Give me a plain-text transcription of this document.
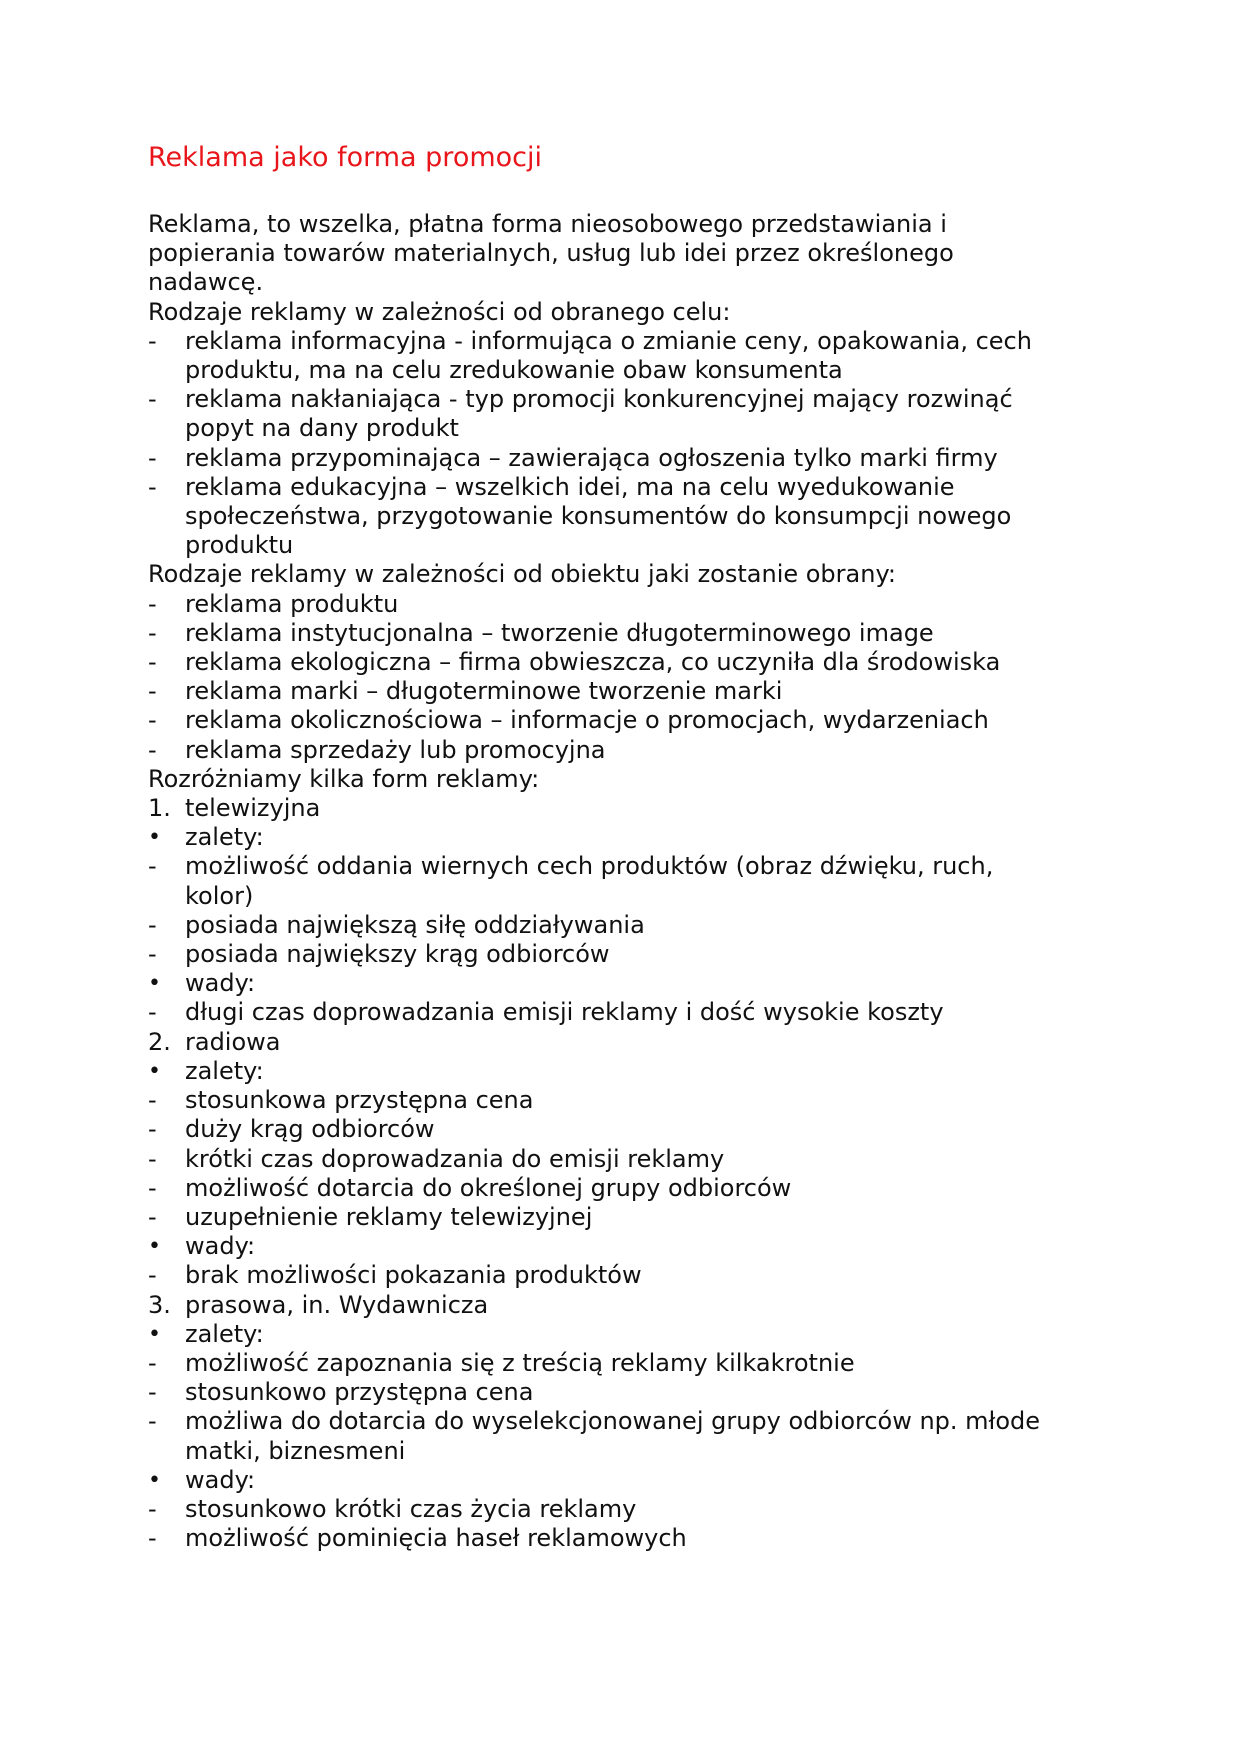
Reklama jako forma promocji
Reklama, to wszelka, płatna forma nieosobowego przedstawiania i
popierania towarów materialnych, usług lub idei przez określonego
nadawcę.
Rodzaje reklamy w zależności od obranego celu:
-	reklama informacyjna - informująca o zmianie ceny, opakowania, cech
produktu, ma na celu zredukowanie obaw konsumenta
-	reklama nakłaniająca - typ promocji konkurencyjnej mający rozwinąć
popyt na dany produkt
-	reklama przypominająca – zawierająca ogłoszenia tylko marki firmy
-	reklama edukacyjna – wszelkich idei, ma na celu wyedukowanie
społeczeństwa, przygotowanie konsumentów do konsumpcji nowego
produktu
Rodzaje reklamy w zależności od obiektu jaki zostanie obrany:
-	reklama produktu
-	reklama instytucjonalna – tworzenie długoterminowego image
-	reklama ekologiczna – firma obwieszcza, co uczyniła dla środowiska
-	reklama marki – długoterminowe tworzenie marki
-	reklama okolicznościowa – informacje o promocjach, wydarzeniach
-	reklama sprzedaży lub promocyjna
Rozróżniamy kilka form reklamy:
1. telewizyjna
•	zalety:
-	możliwość oddania wiernych cech produktów (obraz dźwięku, ruch,
kolor)
-	posiada największą siłę oddziaływania
-	posiada największy krąg odbiorców
•	wady:
-	długi czas doprowadzania emisji reklamy i dość wysokie koszty
2. radiowa
•	zalety:
-	stosunkowa przystępna cena
-	duży krąg odbiorców
-	krótki czas doprowadzania do emisji reklamy
-	możliwość dotarcia do określonej grupy odbiorców
-	uzupełnienie reklamy telewizyjnej
•	wady:
-	brak możliwości pokazania produktów
3. prasowa, in. Wydawnicza
•	zalety:
-	możliwość zapoznania się z treścią reklamy kilkakrotnie
-	stosunkowo przystępna cena
-	możliwa do dotarcia do wyselekcjonowanej grupy odbiorców np. młode
matki, biznesmeni
•	wady:
-	stosunkowo krótki czas życia reklamy
-	możliwość pominięcia haseł reklamowych
